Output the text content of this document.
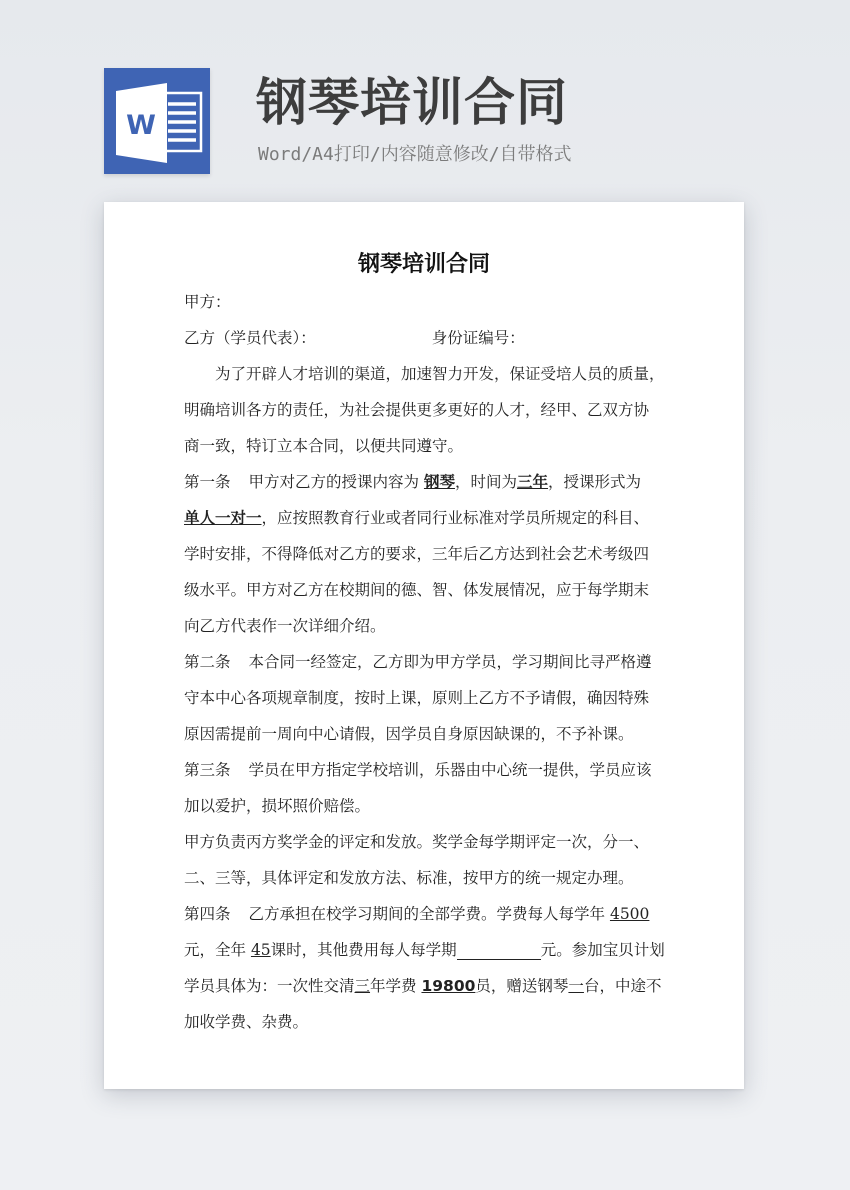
W 钢琴培训合同
Word/A4打印/内容随意修改/自带格式
钢琴培训合同
甲方：
乙方（学员代表）：	身份证编号：
为了开辟人才培训的渠道，加速智力开发，保证受培人员的质量，
明确培训各方的责任，为社会提供更多更好的人才，经甲、乙双方协
商一致，特订立本合同，以便共同遵守。
第一条 甲方对乙方的授课内容为 钢琴，时间为三年，授课形式为
单人一对一，应按照教育行业或者同行业标准对学员所规定的科目、
学时安排，不得降低对乙方的要求，三年后乙方达到社会艺术考级四
级水平。甲方对乙方在校期间的德、智、体发展情况，应于每学期末
向乙方代表作一次详细介绍。
第二条 本合同一经签定，乙方即为甲方学员，学习期间比寻严格遵
守本中心各项规章制度，按时上课，原则上乙方不予请假，确因特殊
原因需提前一周向中心请假，因学员自身原因缺课的，不予补课。
第三条 学员在甲方指定学校培训，乐器由中心统一提供，学员应该
加以爱护，损坏照价赔偿。
甲方负责丙方奖学金的评定和发放。奖学金每学期评定一次，分一、
二、三等，具体评定和发放方法、标准，按甲方的统一规定办理。
第四条 乙方承担在校学习期间的全部学费。学费每人每学年 4500
元，全年 45课时，其他费用每人每学期	元。参加宝贝计划
学员具体为：一次性交清三年学费 19800员，赠送钢琴一台，中途不
加收学费、杂费。
